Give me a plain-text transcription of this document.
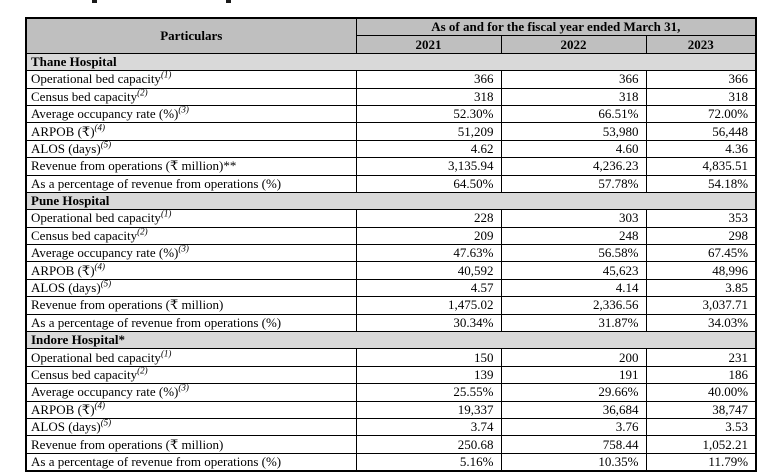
Particulars	As of and for the fiscal year ended March 31,		
	2021	2022	2023
Thane Hospital			
Operational bed capacity$^{(1)}$	366	366	366
Census bed capacity$^{(2)}$	318	318	318
Average occupancy rate (%)$^{(3)}$	52.30%	66.51%	72.00%
ARPOB (₹)$^{(4)}$	51,209	53,980	56,448
ALOS (days)$^{(5)}$	4.62	4.60	4.36
Revenue from operations (₹ million)**	3,135.94	4,236.23	4,835.51
As a percentage of revenue from operations (%)	64.50%	57.78%	54.18%
Pune Hospital			
Operational bed capacity$^{(1)}$	228	303	353
Census bed capacity$^{(2)}$	209	248	298
Average occupancy rate (%)$^{(3)}$	47.63%	56.58%	67.45%
ARPOB (₹)$^{(4)}$	40,592	45,623	48,996
ALOS (days)$^{(5)}$	4.57	4.14	3.85
Revenue from operations (₹ million)	1,475.02	2,336.56	3,037.71
As a percentage of revenue from operations (%)	30.34%	31.87%	34.03%
Indore Hospital*			
Operational bed capacity$^{(1)}$	150	200	231
Census bed capacity$^{(2)}$	139	191	186
Average occupancy rate (%)$^{(3)}$	25.55%	29.66%	40.00%
ARPOB (₹)$^{(4)}$	19,337	36,684	38,747
ALOS (days)$^{(5)}$	3.74	3.76	3.53
Revenue from operations (₹ million)	250.68	758.44	1,052.21
As a percentage of revenue from operations (%)	5.16%	10.35%	11.79%
